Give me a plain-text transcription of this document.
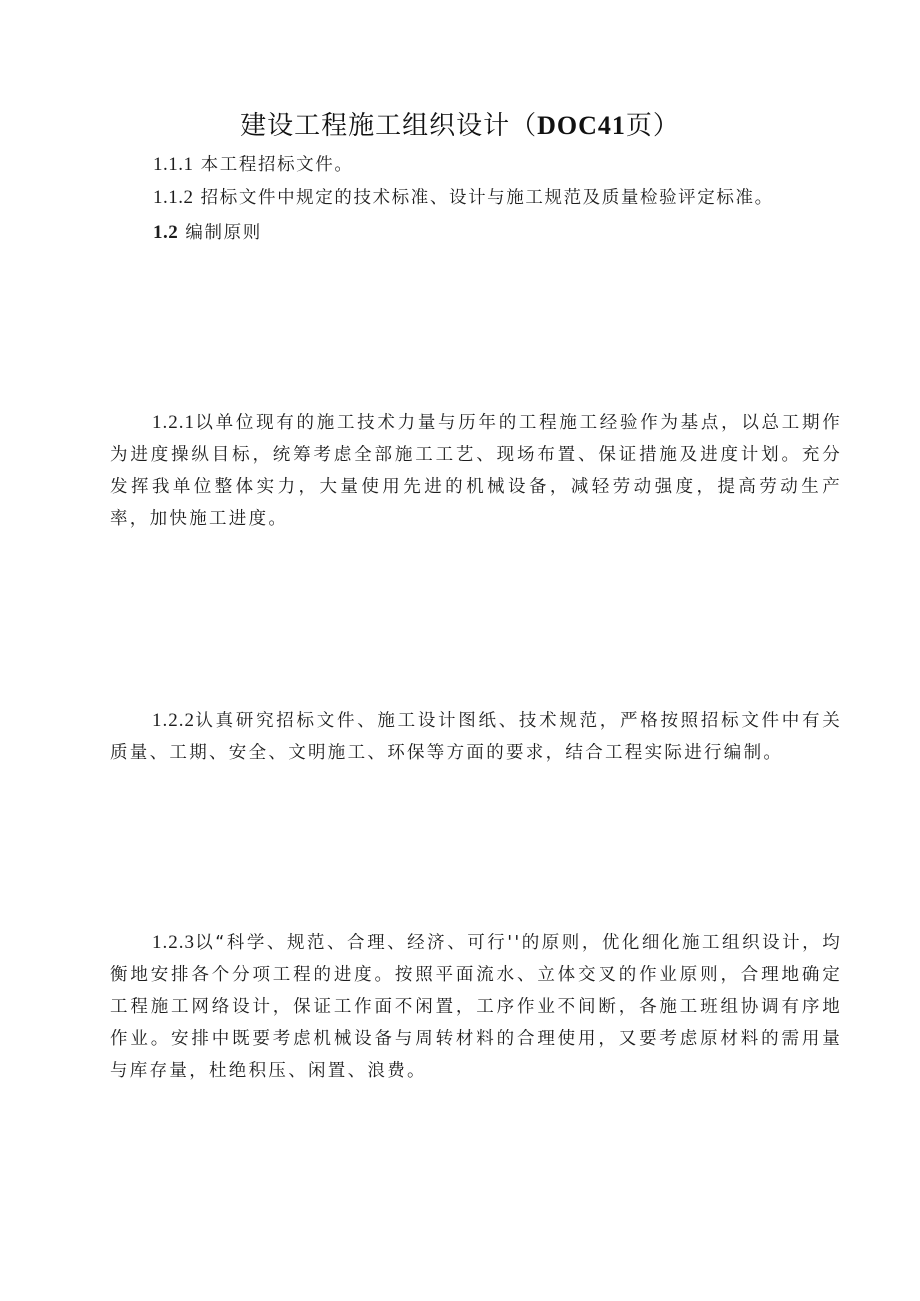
建设工程施工组织设计（DOC41页）
1.1.1 本工程招标文件。
1.1.2 招标文件中规定的技术标准、设计与施工规范及质量检验评定标准。
1.2 编制原则

1.2.1以单位现有的施工技术力量与历年的工程施工经验作为基点，以总工期作为进度操纵目标，统筹考虑全部施工工艺、现场布置、保证措施及进度计划。充分发挥我单位整体实力，大量使用先进的机械设备，减轻劳动强度，提高劳动生产率，加快施工进度。

1.2.2认真研究招标文件、施工设计图纸、技术规范，严格按照招标文件中有关质量、工期、安全、文明施工、环保等方面的要求，结合工程实际进行编制。

1.2.3以“科学、规范、合理、经济、可行''的原则，优化细化施工组织设计，均衡地安排各个分项工程的进度。按照平面流水、立体交叉的作业原则，合理地确定工程施工网络设计，保证工作面不闲置，工序作业不间断，各施工班组协调有序地作业。安排中既要考虑机械设备与周转材料的合理使用，又要考虑原材料的需用量与库存量，杜绝积压、闲置、浪费。
